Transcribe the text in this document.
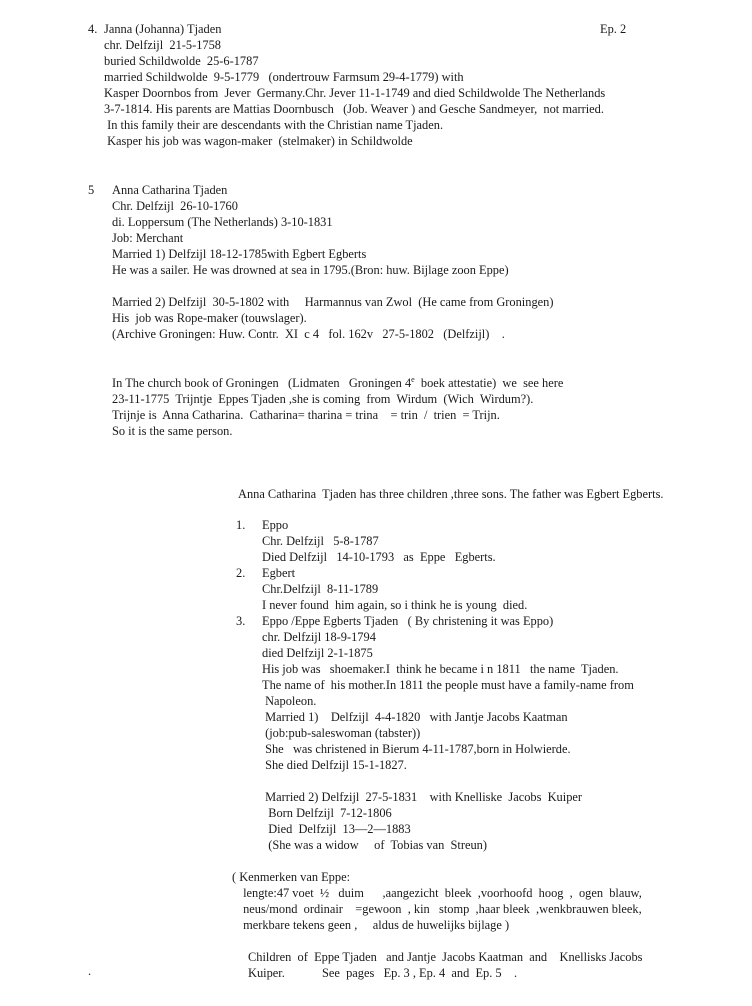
Ep. 2
4. Janna (Johanna) Tjaden
chr. Delfzijl  21-5-1758
buried Schildwolde  25-6-1787
married Schildwolde  9-5-1779   (ondertrouw Farmsum 29-4-1779) with
Kasper Doornbos from  Jever  Germany.Chr. Jever 11-1-1749 and died Schildwolde The Netherlands
3-7-1814. His parents are Mattias Doornbusch   (Job. Weaver ) and Gesche Sandmeyer,  not married.
In this family their are descendants with the Christian name Tjaden.
Kasper his job was wagon-maker  (stelmaker) in Schildwolde
5 Anna Catharina Tjaden
Chr. Delfzijl  26-10-1760
di. Loppersum (The Netherlands) 3-10-1831
Job: Merchant
Married 1) Delfzijl 18-12-1785with Egbert Egberts
He was a sailer. He was drowned at sea in 1795.(Bron: huw. Bijlage zoon Eppe)
Married 2) Delfzijl  30-5-1802 with     Harmannus van Zwol  (He came from Groningen)
His  job was Rope-maker (touwslager).
(Archive Groningen: Huw. Contr.  XI  c 4   fol. 162v   27-5-1802   (Delfzijl)    .
In The church book of Groningen   (Lidmaten   Groningen 4e  boek attestatie)  we  see here
23-11-1775  Trijntje  Eppes Tjaden ,she is coming  from  Wirdum  (Wich  Wirdum?).
Trijnje is  Anna Catharina.  Catharina= tharina = trina    = trin  /  trien  = Trijn.
So it is the same person.
Anna Catharina  Tjaden has three children ,three sons. The father was Egbert Egberts.
1. Eppo
Chr. Delfzijl   5-8-1787
Died Delfzijl   14-10-1793   as  Eppe   Egberts.
2. Egbert
Chr.Delfzijl  8-11-1789
I never found  him again, so i think he is young  died.
3. Eppo /Eppe Egberts Tjaden   ( By christening it was Eppo)
chr. Delfzijl 18-9-1794
died Delfzijl 2-1-1875
His job was   shoemaker.I  think he became i n 1811   the name  Tjaden.
The name of  his mother.In 1811 the people must have a family-name from
Napoleon.
Married 1)    Delfzijl  4-4-1820   with Jantje Jacobs Kaatman
(job:pub-saleswoman (tabster))
She   was christened in Bierum 4-11-1787,born in Holwierde.
She died Delfzijl 15-1-1827.
Married 2) Delfzijl  27-5-1831    with Knelliske  Jacobs  Kuiper
Born Delfzijl  7-12-1806
Died  Delfzijl  13—2—1883
(She was a widow     of  Tobias van  Streun)
( Kenmerken van Eppe:
lengte:47 voet  ½   duim      ,aangezicht  bleek  ,voorhoofd  hoog  ,  ogen  blauw,
neus/mond  ordinair    =gewoon  , kin   stomp  ,haar bleek  ,wenkbrauwen bleek,
merkbare tekens geen ,     aldus de huwelijks bijlage )
Children  of  Eppe Tjaden   and Jantje  Jacobs Kaatman  and    Knellisks Jacobs
Kuiper.            See  pages   Ep. 3 , Ep. 4  and  Ep. 5    .
.
